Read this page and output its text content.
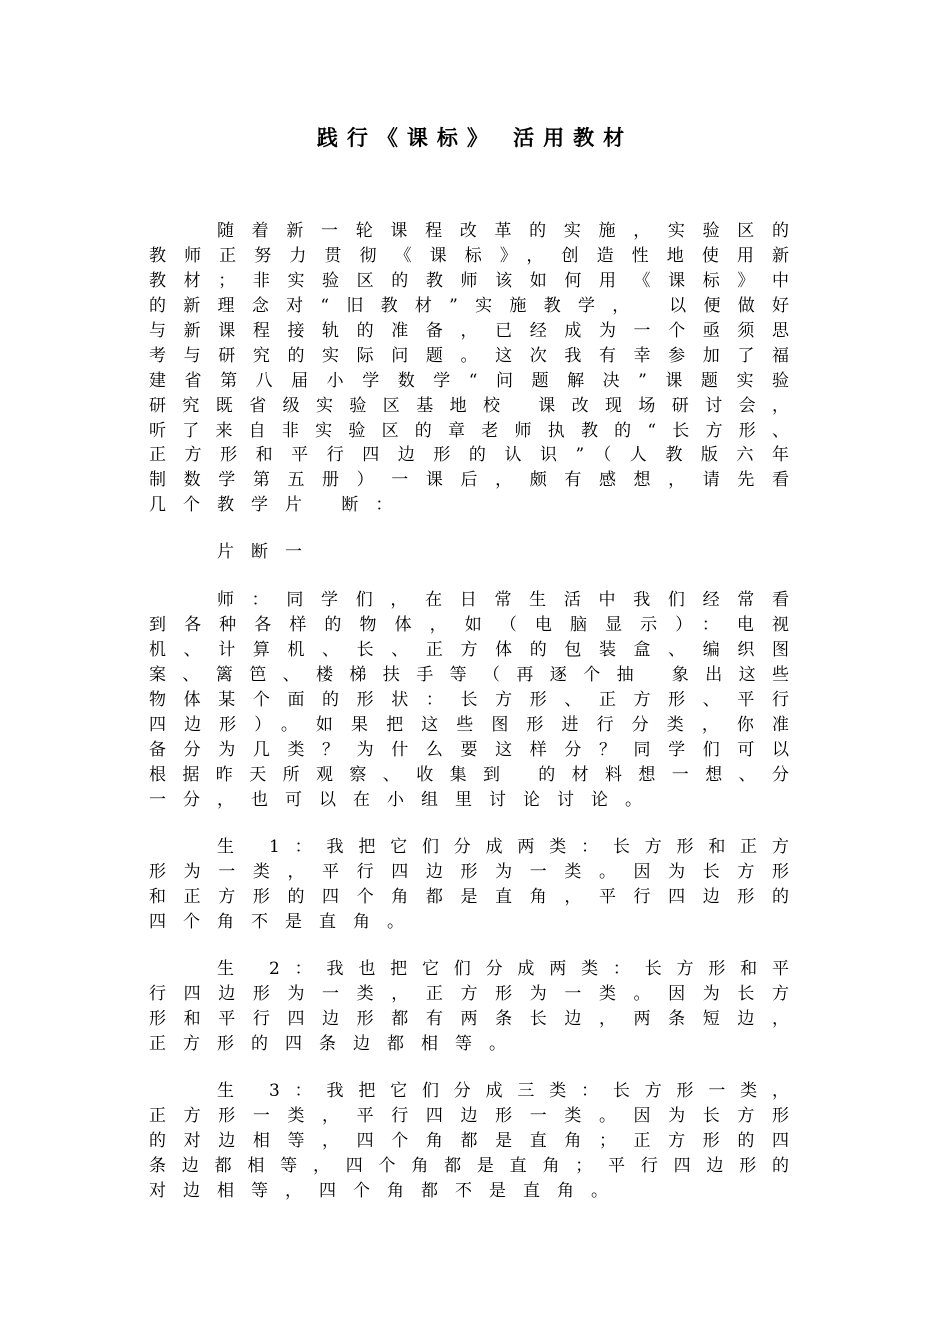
践行《课标》 活用教材
随着新一轮课程改革的实施，实验区的
教师正努力贯彻《课标》，创造性地使用新
教材；非实验区的教师该如何用《课标》中
的新理念对“旧教材”实施教学， 以便做好
与新课程接轨的准备，已经成为一个亟须思
考与研究的实际问题。这次我有幸参加了福
建省第八届小学数学“问题解决”课题实验
研究既省级实验区基地校 课改现场研讨会，
听了来自非实验区的章老师执教的“长方形、
正方形和平行四边形的认识”（人教版六年
制数学第五册）一课后，颇有感想，请先看
几个教学片 断：
片断一
师：同学们，在日常生活中我们经常看
到各种各样的物体，如（电脑显示）：电视
机、计算机、长、正方体的包装盒、编织图
案、篱笆、楼梯扶手等（再逐个抽 象出这些
物体某个面的形状：长方形、正方形、平行
四边形）。如果把这些图形进行分类，你准
备分为几类？为什么要这样分？同学们可以
根据昨天所观察、收集到 的材料想一想、分
一分，也可以在小组里讨论讨论。
生 1：我把它们分成两类：长方形和正方
形为一类，平行四边形为一类。因为长方形
和正方形的四个角都是直角，平行四边形的
四个角不是直角。
生 2：我也把它们分成两类：长方形和平
行四边形为一类，正方形为一类。因为长方
形和平行四边形都有两条长边，两条短边，
正方形的四条边都相等。
生 3：我把它们分成三类：长方形一类，
正方形一类，平行四边形一类。因为长方形
的对边相等，四个角都是直角；正方形的四
条边都相等，四个角都是直角；平行四边形的
对边相等，四个角都不是直角。
